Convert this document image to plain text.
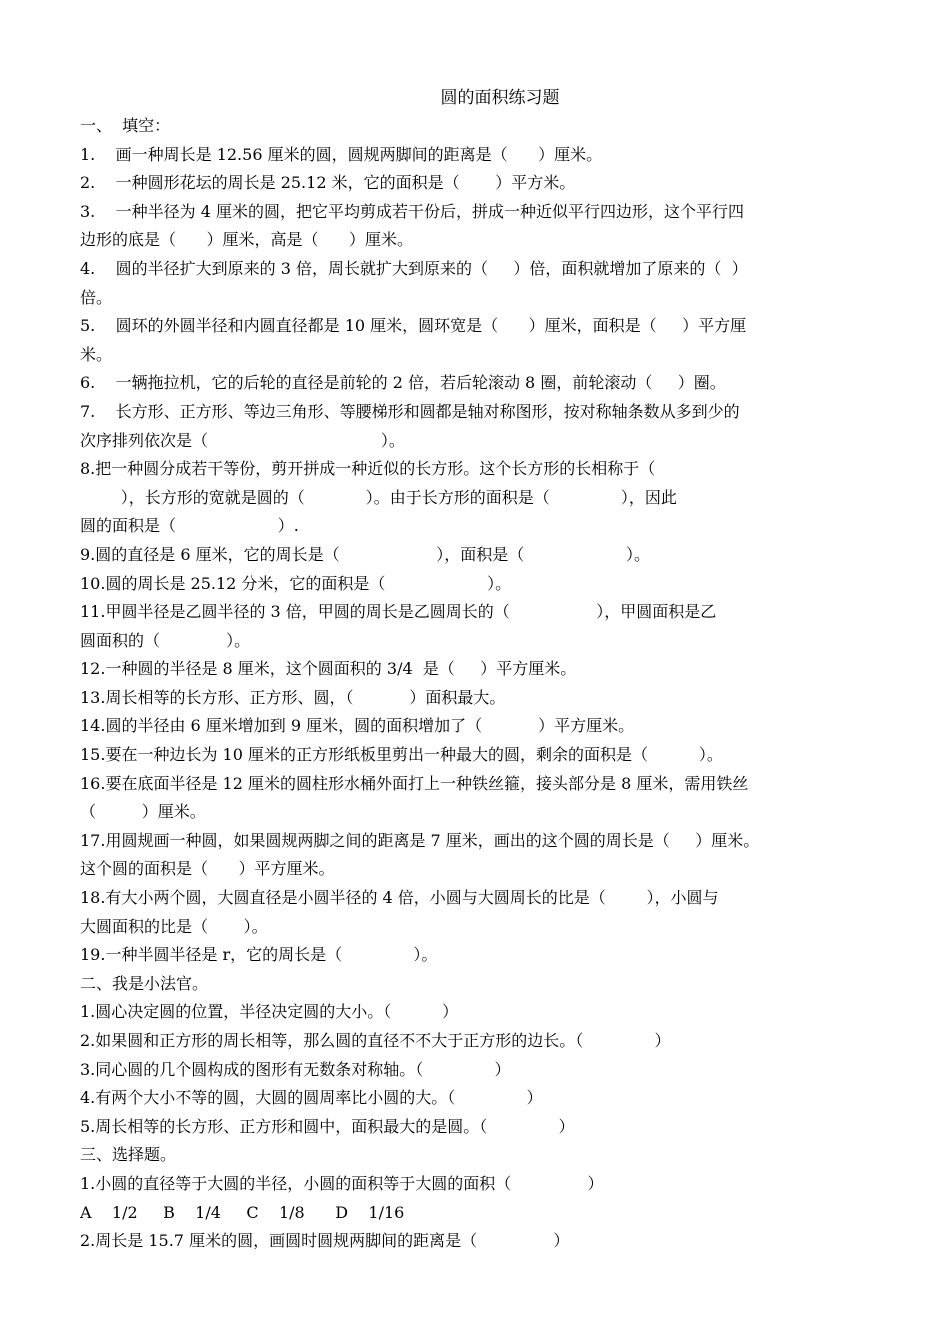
圆的面积练习题

一、  填空：

1.    画一种周长是 12.56 厘米的圆，圆规两脚间的距离是（      ）厘米。

2.    一种圆形花坛的周长是 25.12 米，它的面积是（       ）平方米。

3.    一种半径为 4 厘米的圆，把它平均剪成若干份后，拼成一种近似平行四边形，这个平行四

边形的底是（      ）厘米，高是（      ）厘米。

4.    圆的半径扩大到原来的 3 倍，周长就扩大到原来的（     ）倍，面积就增加了原来的（  ）

倍。

5.    圆环的外圆半径和内圆直径都是 10 厘米，圆环宽是（      ）厘米，面积是（     ）平方厘

米。

6.    一辆拖拉机，它的后轮的直径是前轮的 2 倍，若后轮滚动 8 圈，前轮滚动（     ）圈。

7.    长方形、正方形、等边三角形、等腰梯形和圆都是轴对称图形，按对称轴条数从多到少的

次序排列依次是（                                  ）。

8.把一种圆分成若干等份，剪开拼成一种近似的长方形。这个长方形的长相称于（

），长方形的宽就是圆的（            ）。由于长方形的面积是（              ），因此

圆的面积是（                    ）.

9.圆的直径是 6 厘米，它的周长是（                   ），面积是（                    ）。

10.圆的周长是 25.12 分米，它的面积是（                    ）。

11.甲圆半径是乙圆半径的 3 倍，甲圆的周长是乙圆周长的（                 ），甲圆面积是乙

圆面积的（             ）。

12.一种圆的半径是 8 厘米，这个圆面积的 3/4  是（     ）平方厘米。

13.周长相等的长方形、正方形、圆，（           ）面积最大。

14.圆的半径由 6 厘米增加到 9 厘米，圆的面积增加了（           ）平方厘米。

15.要在一种边长为 10 厘米的正方形纸板里剪出一种最大的圆，剩余的面积是（          ）。

16.要在底面半径是 12 厘米的圆柱形水桶外面打上一种铁丝箍，接头部分是 8 厘米，需用铁丝

（         ）厘米。

17.用圆规画一种圆，如果圆规两脚之间的距离是 7 厘米，画出的这个圆的周长是（     ）厘米。

这个圆的面积是（      ）平方厘米。

18.有大小两个圆，大圆直径是小圆半径的 4 倍，小圆与大圆周长的比是（        ），小圆与

大圆面积的比是（       ）。

19.一种半圆半径是 r，它的周长是（              ）。

二、我是小法官。

1.圆心决定圆的位置，半径决定圆的大小。（          ）

2.如果圆和正方形的周长相等，那么圆的直径不不大于正方形的边长。（              ）

3.同心圆的几个圆构成的图形有无数条对称轴。（              ）

4.有两个大小不等的圆，大圆的圆周率比小圆的大。（              ）

5.周长相等的长方形、正方形和圆中，面积最大的是圆。（              ）

三、选择题。

1.小圆的直径等于大圆的半径，小圆的面积等于大圆的面积（               ）

A    1/2     B    1/4     C    1/8      D    1/16

2.周长是 15.7 厘米的圆，画圆时圆规两脚间的距离是（               ）
